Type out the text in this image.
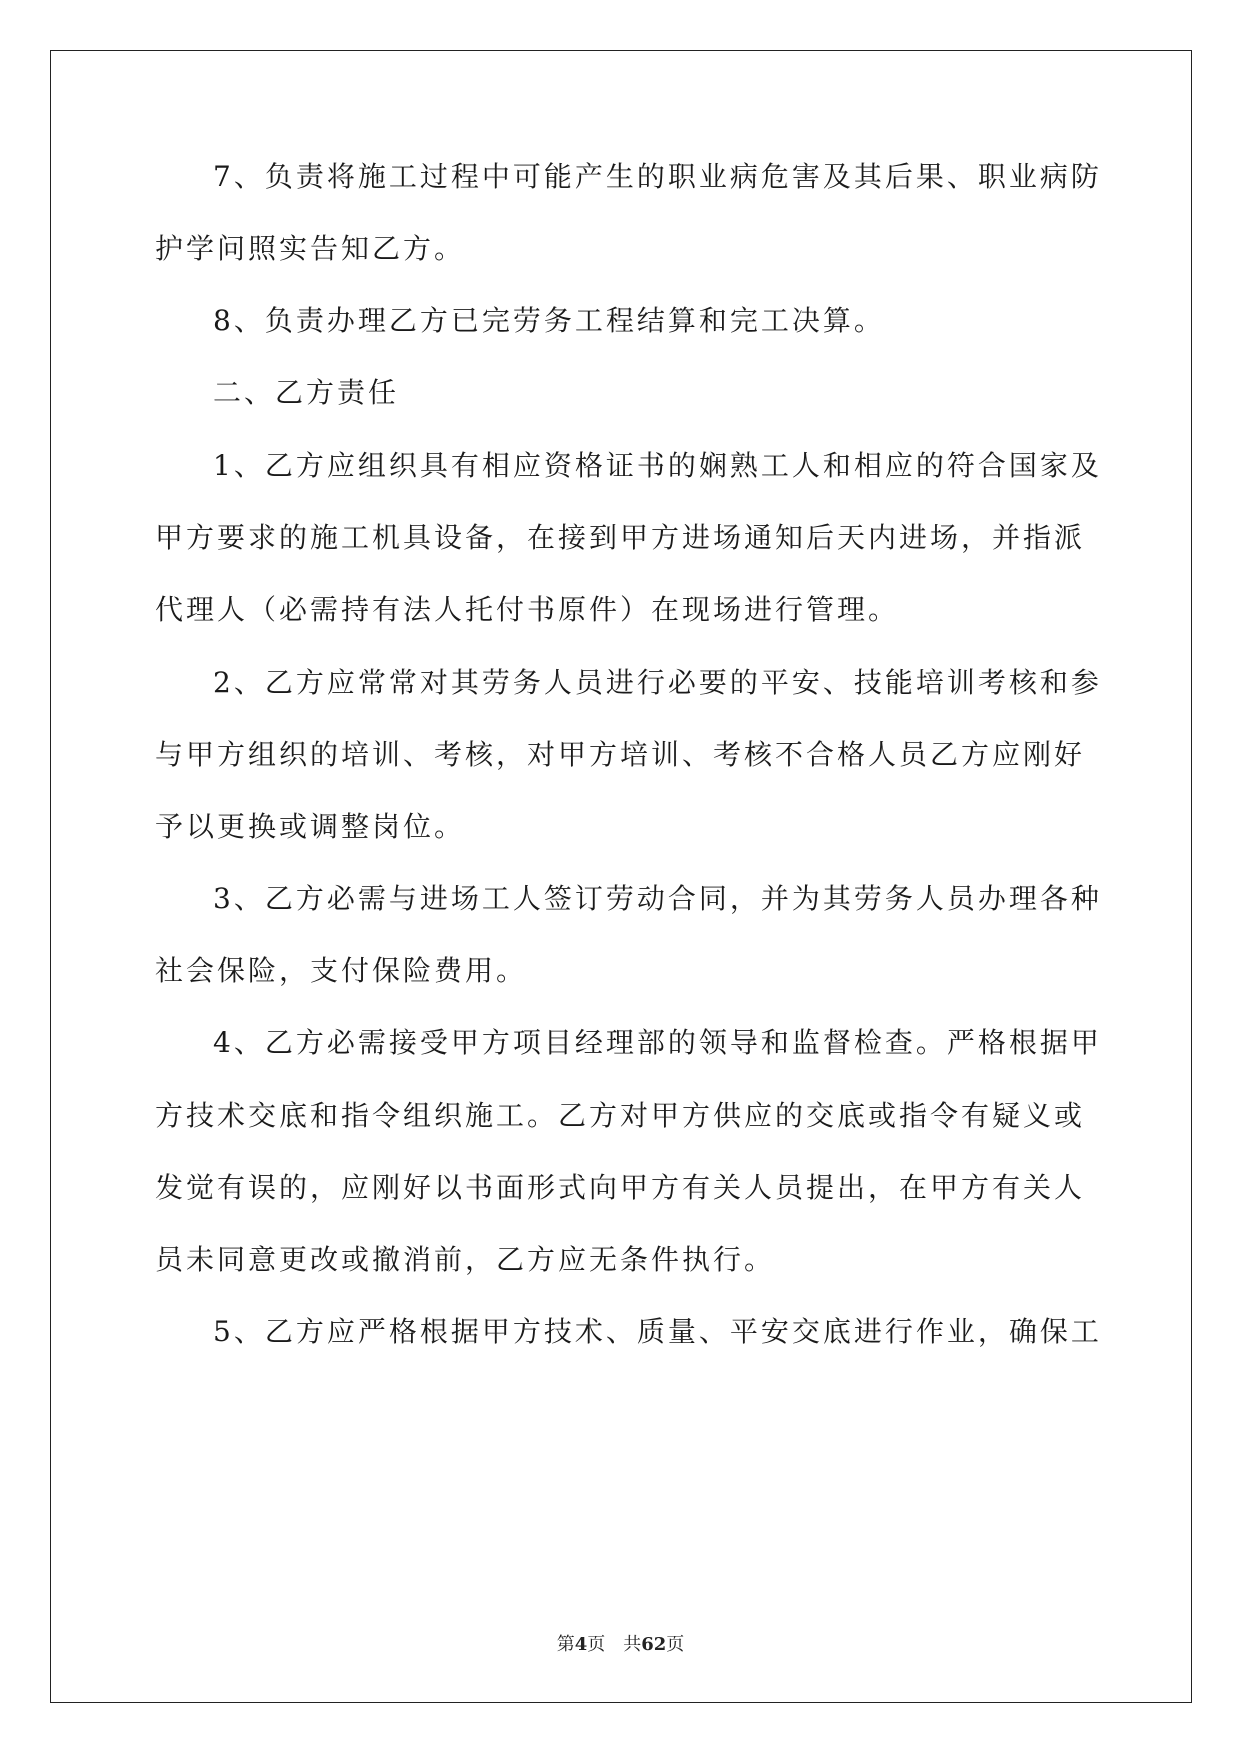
7、负责将施工过程中可能产生的职业病危害及其后果、职业病防
护学问照实告知乙方。
8、负责办理乙方已完劳务工程结算和完工决算。
二、乙方责任
1、乙方应组织具有相应资格证书的娴熟工人和相应的符合国家及
甲方要求的施工机具设备，在接到甲方进场通知后天内进场，并指派
代理人（必需持有法人托付书原件）在现场进行管理。
2、乙方应常常对其劳务人员进行必要的平安、技能培训考核和参
与甲方组织的培训、考核，对甲方培训、考核不合格人员乙方应刚好
予以更换或调整岗位。
3、乙方必需与进场工人签订劳动合同，并为其劳务人员办理各种
社会保险，支付保险费用。
4、乙方必需接受甲方项目经理部的领导和监督检查。严格根据甲
方技术交底和指令组织施工。乙方对甲方供应的交底或指令有疑义或
发觉有误的，应刚好以书面形式向甲方有关人员提出，在甲方有关人
员未同意更改或撤消前，乙方应无条件执行。
5、乙方应严格根据甲方技术、质量、平安交底进行作业，确保工
第4页　共62页
